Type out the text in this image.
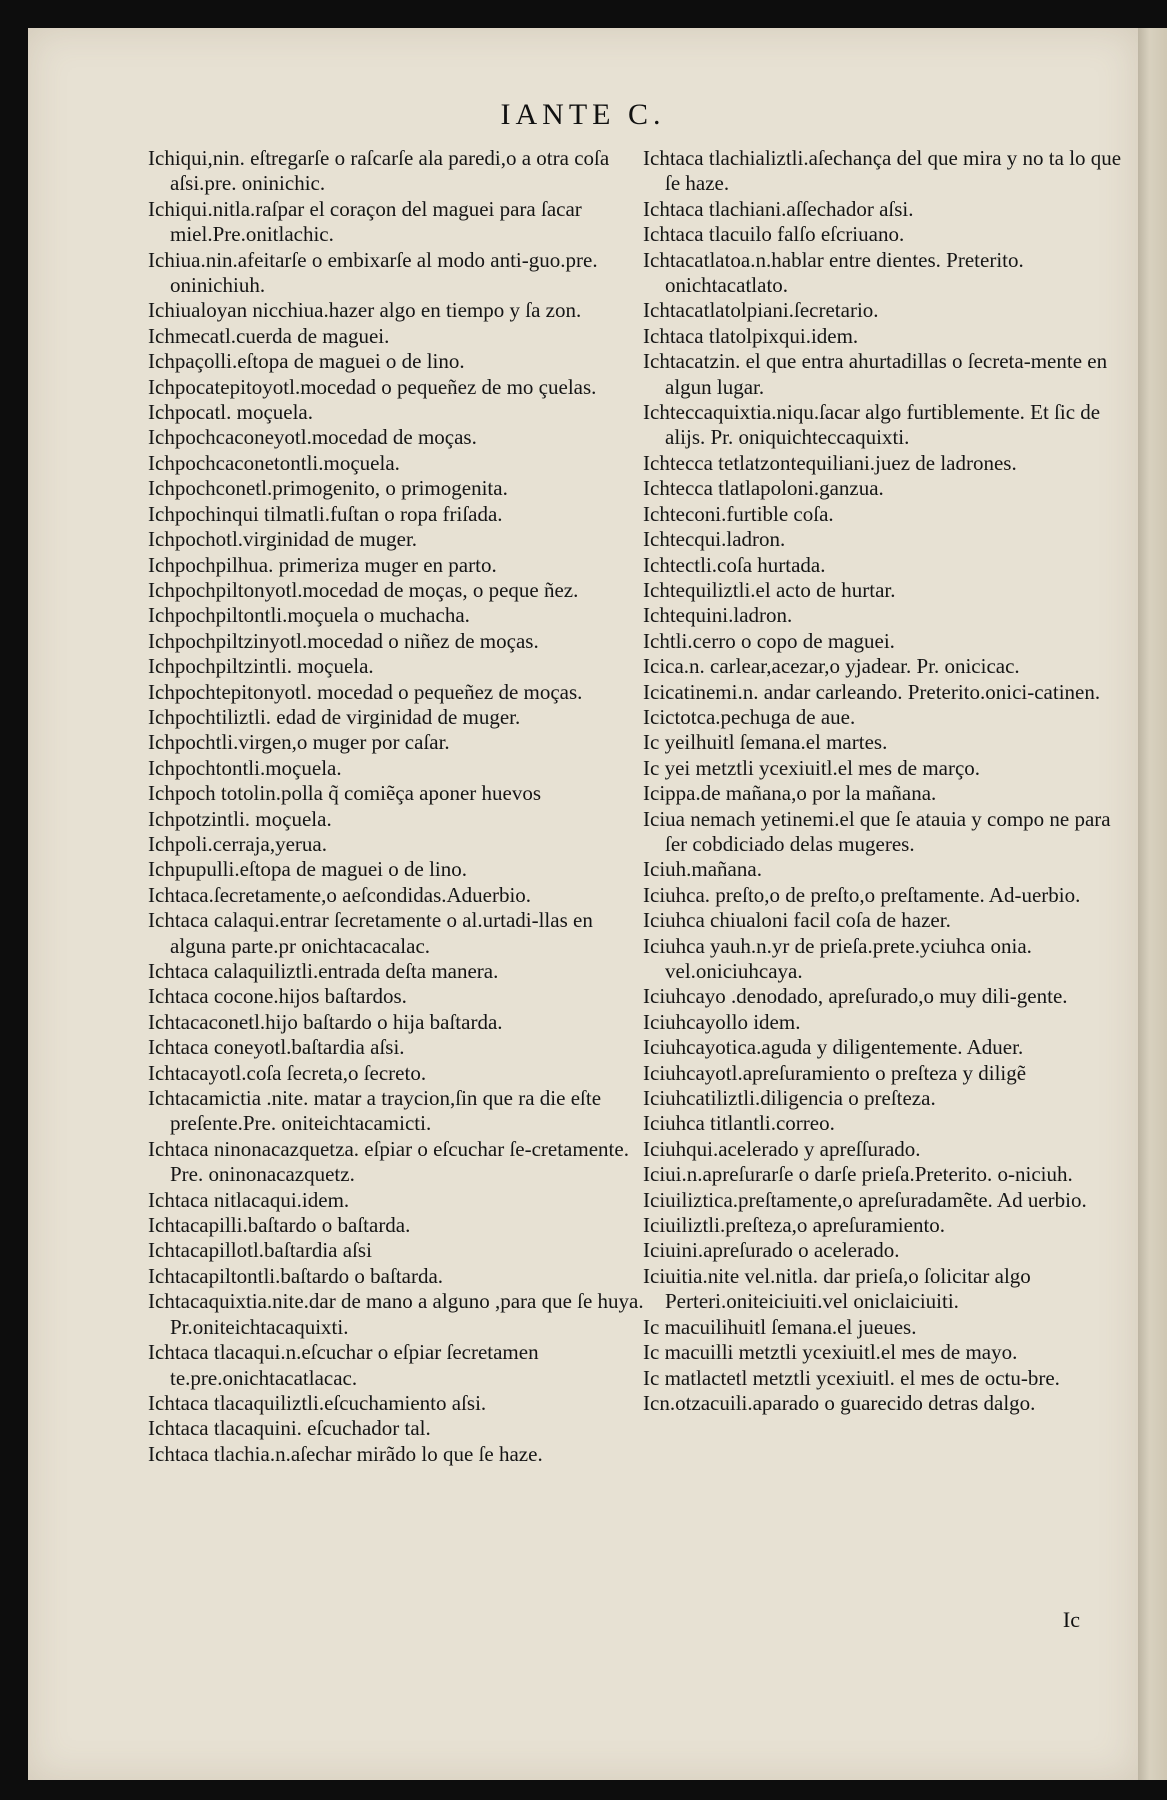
IANTE C.

Ichiqui,nin. eſtregarſe o raſcarſe ala paredi,o a otra coſa aſsi.pre. oninichic.

Ichiqui.nitla.raſpar el coraçon del maguei para ſacar miel.Pre.onitlachic.

Ichiua.nin.afeitarſe o embixarſe al modo anti-guo.pre. oninichiuh.

Ichiualoyan nicchiua.hazer algo en tiempo y ſa zon.

Ichmecatl.cuerda de maguei.

Ichpaçolli.eſtopa de maguei o de lino.

Ichpocatepitoyotl.mocedad o pequeñez de mo çuelas.

Ichpocatl. moçuela.

Ichpochcaconeyotl.mocedad de moças.

Ichpochcaconetontli.moçuela.

Ichpochconetl.primogenito, o primogenita.

Ichpochinqui tilmatli.fuſtan o ropa friſada.

Ichpochotl.virginidad de muger.

Ichpochpilhua. primeriza muger en parto.

Ichpochpiltonyotl.mocedad de moças, o peque ñez.

Ichpochpiltontli.moçuela o muchacha.

Ichpochpiltzinyotl.mocedad o niñez de moças.

Ichpochpiltzintli. moçuela.

Ichpochtepitonyotl. mocedad o pequeñez de moças.

Ichpochtiliztli. edad de virginidad de muger.

Ichpochtli.virgen,o muger por caſar.

Ichpochtontli.moçuela.

Ichpoch totolin.polla q̃ comiẽça aponer huevos

Ichpotzintli. moçuela.

Ichpoli.cerraja,yerua.

Ichpupulli.eſtopa de maguei o de lino.

Ichtaca.ſecretamente,o aeſcondidas.Aduerbio.

Ichtaca calaqui.entrar ſecretamente o al.urtadi-llas en alguna parte.pr onichtacacalac.

Ichtaca calaquiliztli.entrada deſta manera.

Ichtaca cocone.hijos baſtardos.

Ichtacaconetl.hijo baſtardo o hija baſtarda.

Ichtaca coneyotl.baſtardia aſsi.

Ichtacayotl.coſa ſecreta,o ſecreto.

Ichtacamictia .nite. matar a traycion,ſin que ra die eſte preſente.Pre. oniteichtacamicti.

Ichtaca ninonacazquetza. eſpiar o eſcuchar ſe-cretamente. Pre. oninonacazquetz.

Ichtaca nitlacaqui.idem.

Ichtacapilli.baſtardo o baſtarda.

Ichtacapillotl.baſtardia aſsi

Ichtacapiltontli.baſtardo o baſtarda.

Ichtacaquixtia.nite.dar de mano a alguno ,para que ſe huya. Pr.oniteichtacaquixti.

Ichtaca tlacaqui.n.eſcuchar o eſpiar ſecretamen te.pre.onichtacatlacac.

Ichtaca tlacaquiliztli.eſcuchamiento aſsi.

Ichtaca tlacaquini. eſcuchador tal.

Ichtaca tlachia.n.aſechar mirãdo lo que ſe haze.

Ichtaca tlachializtli.aſechança del que mira y no ta lo que ſe haze.

Ichtaca tlachiani.aſſechador aſsi.

Ichtaca tlacuilo falſo eſcriuano.

Ichtacatlatoa.n.hablar entre dientes. Preterito. onichtacatlato.

Ichtacatlatolpiani.ſecretario.

Ichtaca tlatolpixqui.idem.

Ichtacatzin. el que entra ahurtadillas o ſecreta-mente en algun lugar.

Ichteccaquixtia.niqu.ſacar algo furtiblemente. Et ſic de alijs. Pr. oniquichteccaquixti.

Ichtecca tetlatzontequiliani.juez de ladrones.

Ichtecca tlatlapoloni.ganzua.

Ichteconi.furtible coſa.

Ichtecqui.ladron.

Ichtectli.coſa hurtada.

Ichtequiliztli.el acto de hurtar.

Ichtequini.ladron.

Ichtli.cerro o copo de maguei.

Icica.n. carlear,acezar,o yjadear. Pr. onicicac.

Icicatinemi.n. andar carleando. Preterito.onici-catinen.

Icictotca.pechuga de aue.

Ic yeilhuitl ſemana.el martes.

Ic yei metztli ycexiuitl.el mes de março.

Icippa.de mañana,o por la mañana.

Iciua nemach yetinemi.el que ſe atauia y compo ne para ſer cobdiciado delas mugeres.

Iciuh.mañana.

Iciuhca. preſto,o de preſto,o preſtamente. Ad-uerbio.

Iciuhca chiualoni facil coſa de hazer.

Iciuhca yauh.n.yr de prieſa.prete.yciuhca onia. vel.oniciuhcaya.

Iciuhcayo .denodado, apreſurado,o muy dili-gente.

Iciuhcayollo idem.

Iciuhcayotica.aguda y diligentemente. Aduer.

Iciuhcayotl.apreſuramiento o preſteza y diligẽ

Iciuhcatiliztli.diligencia o preſteza.

Iciuhca titlantli.correo.

Iciuhqui.acelerado y apreſſurado.

Iciui.n.apreſurarſe o darſe prieſa.Preterito. o-niciuh.

Iciuiliztica.preſtamente,o apreſuradamẽte. Ad uerbio.

Iciuiliztli.preſteza,o apreſuramiento.

Iciuini.apreſurado o acelerado.

Iciuitia.nite vel.nitla. dar prieſa,o ſolicitar algo Perteri.oniteiciuiti.vel oniclaiciuiti.

Ic macuilihuitl ſemana.el jueues.

Ic macuilli metztli ycexiuitl.el mes de mayo.

Ic matlactetl metztli ycexiuitl. el mes de octu-bre.

Icn.otzacuili.aparado o guarecido detras dalgo.

Ic
